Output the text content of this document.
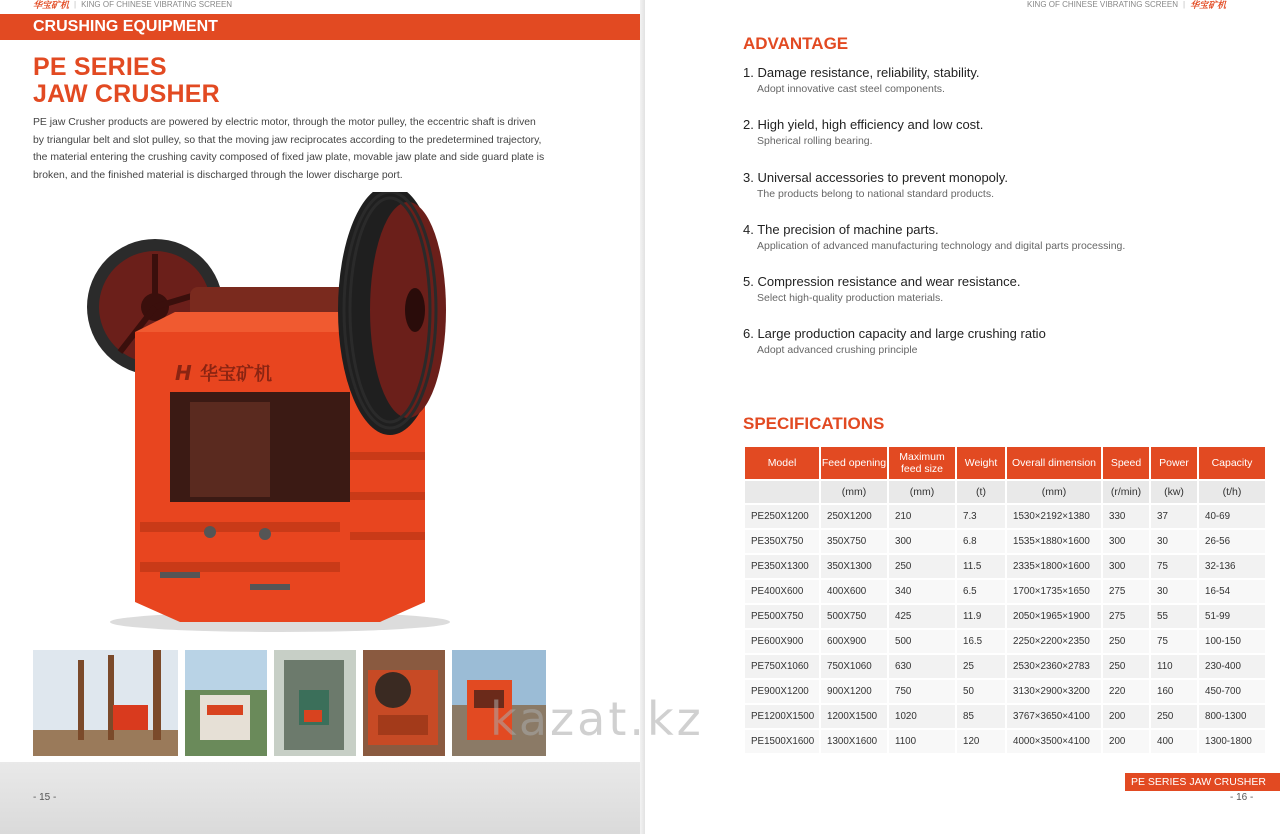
华宝矿机 | KING OF CHINESE VIBRATING SCREEN
CRUSHING EQUIPMENT
PE SERIES
JAW CRUSHER

PE jaw Crusher products are powered by electric motor, through the motor pulley, the eccentric shaft is driven by triangular belt and slot pulley, so that the moving jaw reciprocates according to the predetermined trajectory, the material entering the crushing cavity composed of fixed jaw plate, movable jaw plate and side guard plate is broken, and the finished material is discharged through the lower discharge port.

H 华宝矿机
- 15 -
KING OF CHINESE VIBRATING SCREEN | 华宝矿机
ADVANTAGE
1. Damage resistance, reliability, stability.
Adopt innovative cast steel components.
2. High yield, high efficiency and low cost.
Spherical rolling bearing.
3. Universal accessories to prevent monopoly.
The products belong to national standard products.
4. The precision of machine parts.
Application of advanced manufacturing technology and digital parts processing.
5. Compression resistance and wear resistance.
Select high-quality production materials.
6. Large production capacity and large crushing ratio
Adopt advanced crushing principle
SPECIFICATIONS
Model	Feed opening	Maximum feed size	Weight	Overall dimension	Speed	Power	Capacity
	(mm)	(mm)	(t)	(mm)	(r/min)	(kw)	(t/h)
PE250X1200	250X1200	210	7.3	1530×2192×1380	330	37	40-69
PE350X750	350X750	300	6.8	1535×1880×1600	300	30	26-56
PE350X1300	350X1300	250	11.5	2335×1800×1600	300	75	32-136
PE400X600	400X600	340	6.5	1700×1735×1650	275	30	16-54
PE500X750	500X750	425	11.9	2050×1965×1900	275	55	51-99
PE600X900	600X900	500	16.5	2250×2200×2350	250	75	100-150
PE750X1060	750X1060	630	25	2530×2360×2783	250	110	230-400
PE900X1200	900X1200	750	50	3130×2900×3200	220	160	450-700
PE1200X1500	1200X1500	1020	85	3767×3650×4100	200	250	800-1300
PE1500X1600	1300X1600	1100	120	4000×3500×4100	200	400	1300-1800
PE SERIES JAW CRUSHER
- 16 -
kazat.kz
